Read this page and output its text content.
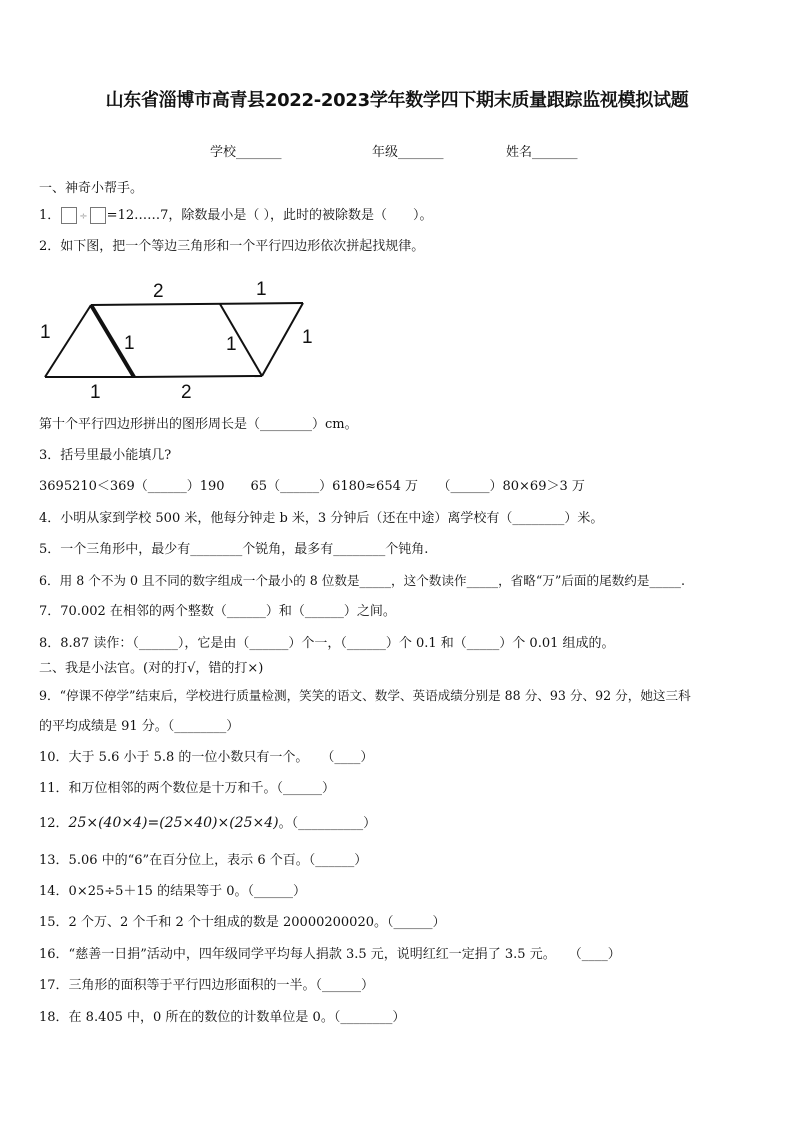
山东省淄博市高青县2022-2023学年数学四下期末质量跟踪监视模拟试题
学校_______	年级_______	姓名_______
一、神奇小帮手。
1． ÷ =12……7，除数最小是（ ），此时的被除数是（　　）。
2．如下图，把一个等边三角形和一个平行四边形依次拼起找规律。
2	1
1
1	1	1
1	2
第十个平行四边形拼出的图形周长是（________）cm。
3．括号里最小能填几?
3695210＜369（______）190　　65（______）6180≈654 万　　（______）80×69＞3 万
4．小明从家到学校 500 米，他每分钟走 b 米，3 分钟后（还在中途）离学校有（________）米。
5．一个三角形中，最少有________个锐角，最多有________个钝角.
6．用 8 个不为 0 且不同的数字组成一个最小的 8 位数是_____，这个数读作_____，省略“万”后面的尾数约是_____.
7．70.002 在相邻的两个整数（______）和（______）之间。
8．8.87 读作：（______），它是由（______）个一，（______）个 0.1 和（_____）个 0.01 组成的。
二、我是小法官。(对的打√，错的打×)
9．“停课不停学”结束后，学校进行质量检测，笑笑的语文、数学、英语成绩分别是 88 分、93 分、92 分，她这三科
的平均成绩是 91 分。（________）
10．大于 5.6 小于 5.8 的一位小数只有一个。　　（____）
11．和万位相邻的两个数位是十万和千。（______）
12．25×(40×4)=(25×40)×(25×4)。（__________）
13．5.06 中的“6”在百分位上，表示 6 个百。（______）
14．0×25÷5＋15 的结果等于 0。（______）
15．2 个万、2 个千和 2 个十组成的数是 20000200020。（______）
16．“慈善一日捐”活动中，四年级同学平均每人捐款 3.5 元，说明红红一定捐了 3.5 元。　　（____）
17．三角形的面积等于平行四边形面积的一半。（______）
18．在 8.405 中，0 所在的数位的计数单位是 0。（________）
